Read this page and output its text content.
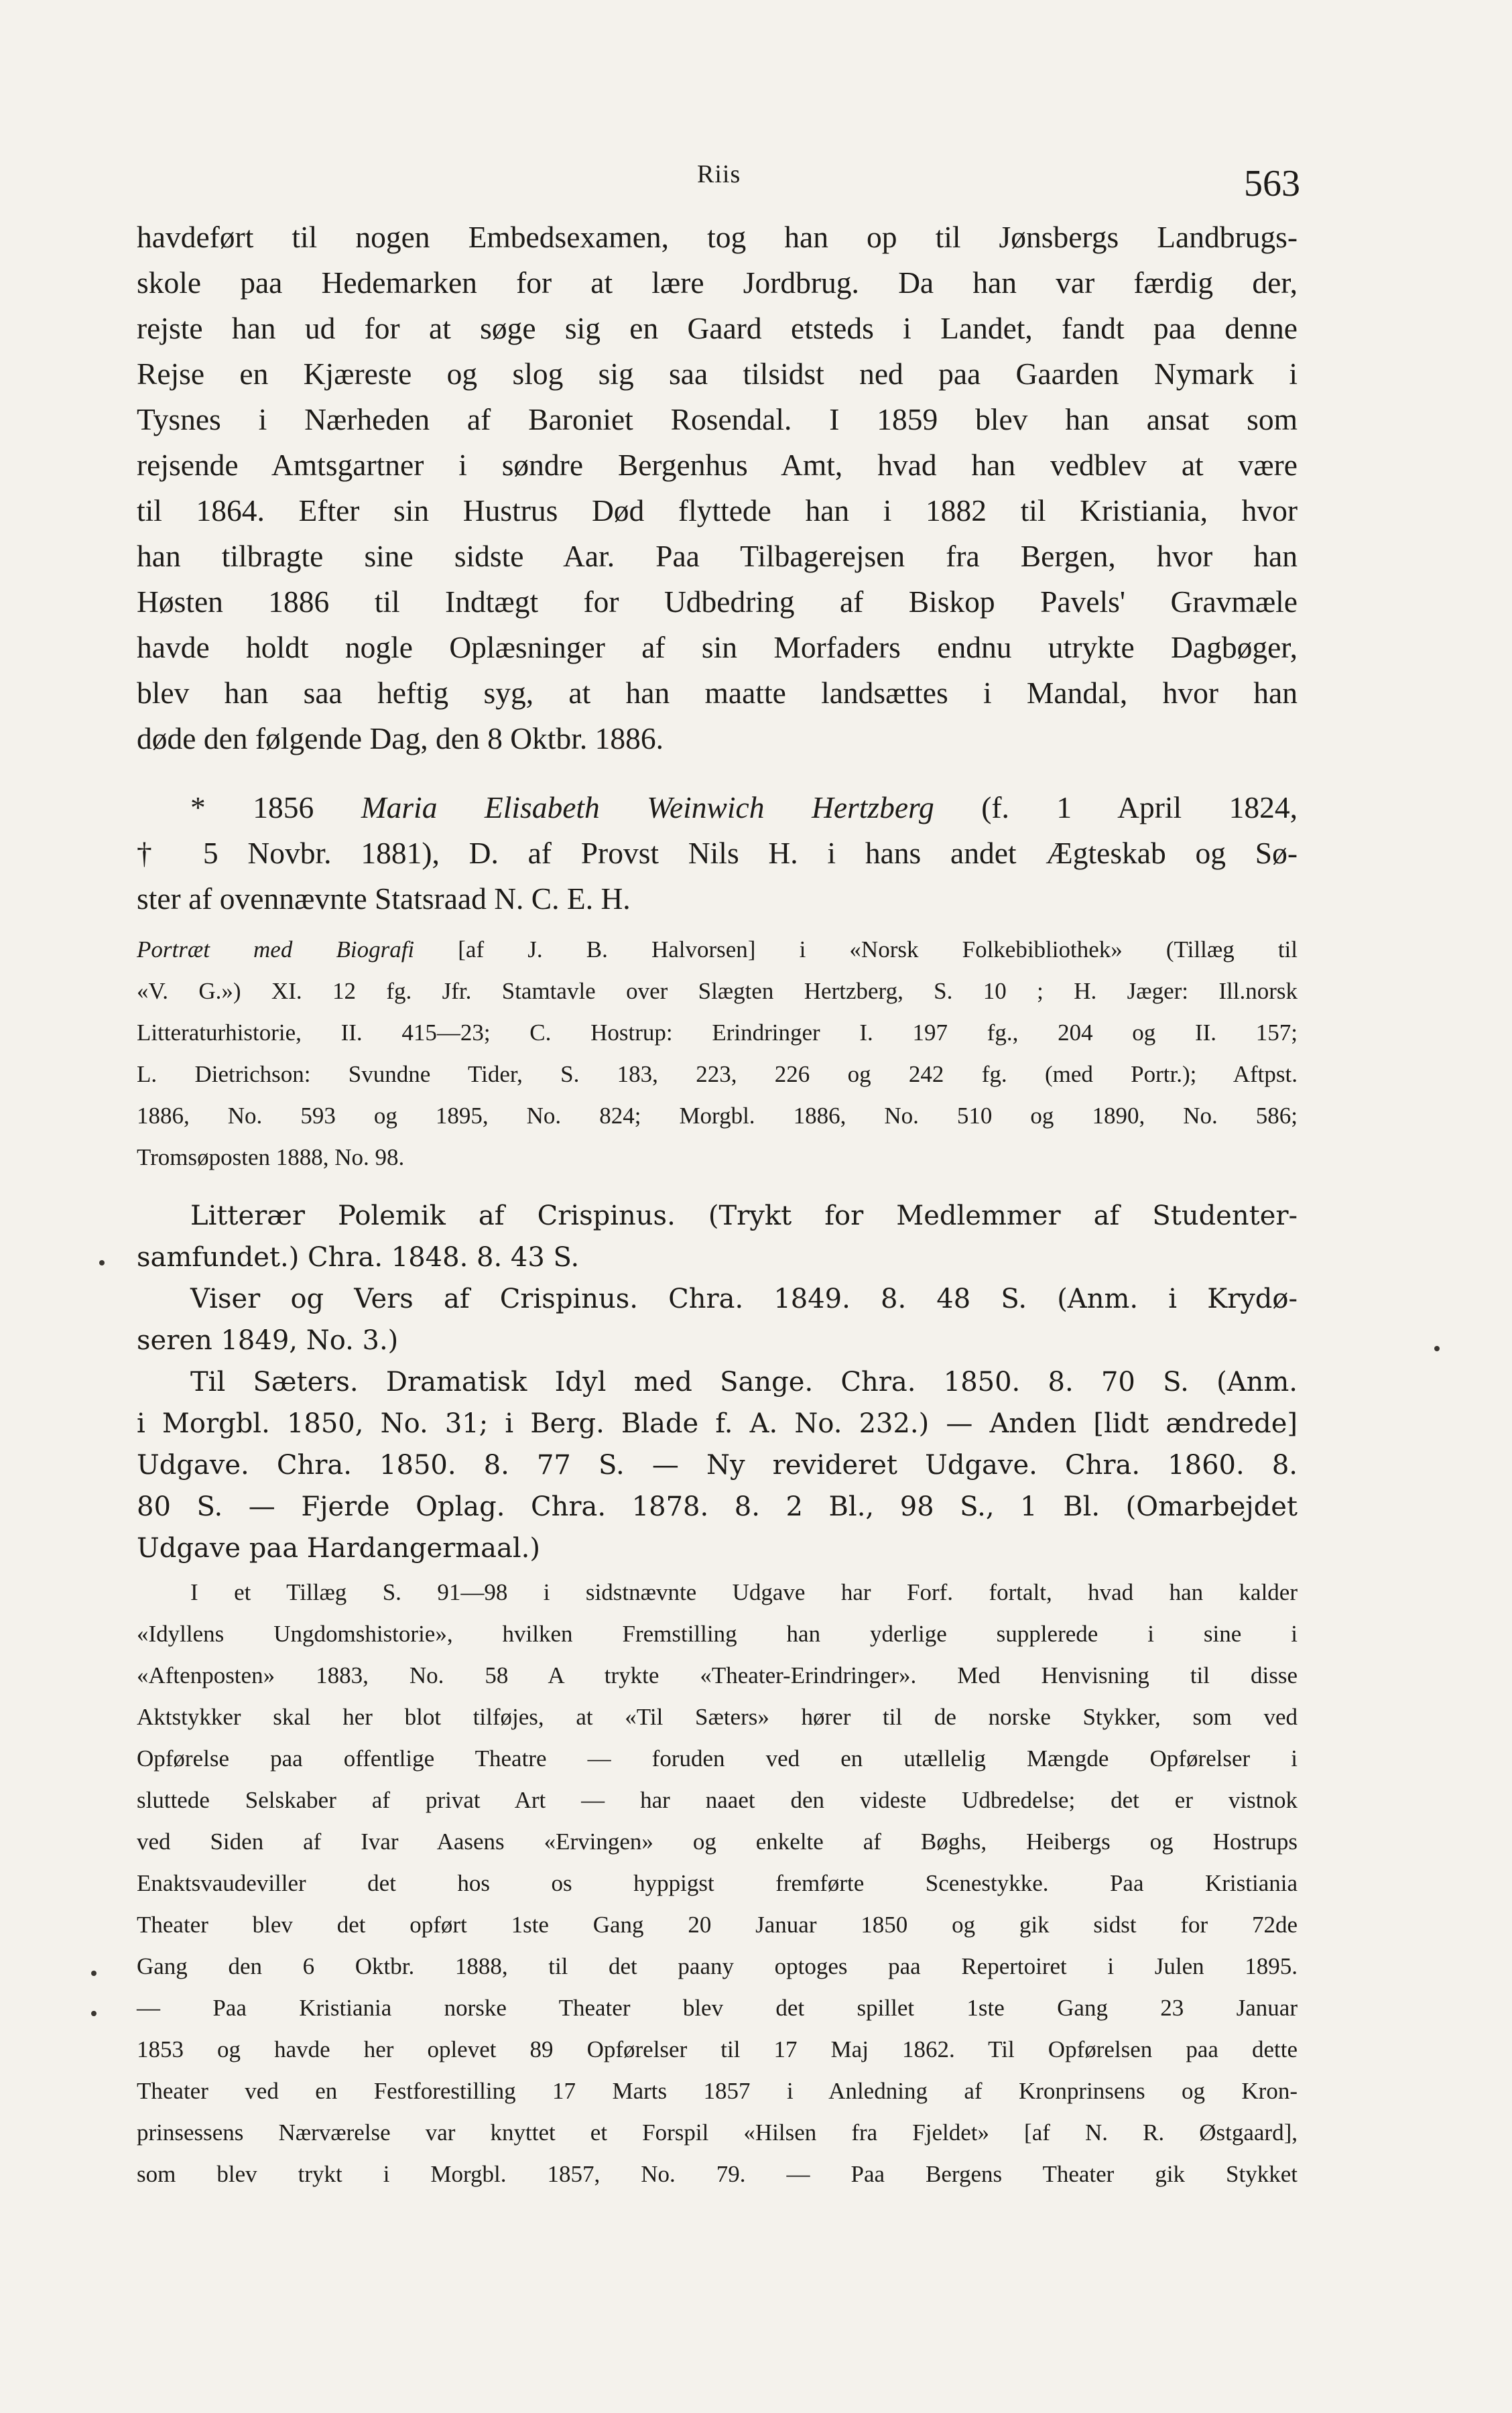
Riis	563
havdeført til nogen Embedsexamen, tog han op til Jønsbergs Landbrugs-
skole paa Hedemarken for at lære Jordbrug. Da han var færdig der,
rejste han ud for at søge sig en Gaard etsteds i Landet, fandt paa denne
Rejse en Kjæreste og slog sig saa tilsidst ned paa Gaarden Nymark i
Tysnes i Nærheden af Baroniet Rosendal. I 1859 blev han ansat som
rejsende Amtsgartner i søndre Bergenhus Amt, hvad han vedblev at være
til 1864. Efter sin Hustrus Død flyttede han i 1882 til Kristiania, hvor
han tilbragte sine sidste Aar. Paa Tilbagerejsen fra Bergen, hvor han
Høsten 1886 til Indtægt for Udbedring af Biskop Pavels' Gravmæle
havde holdt nogle Oplæsninger af sin Morfaders endnu utrykte Dagbøger,
blev han saa heftig syg, at han maatte landsættes i Mandal, hvor han
døde den følgende Dag, den 8 Oktbr. 1886.
* 1856 Maria Elisabeth Weinwich Hertzberg (f. 1 April 1824,
† 5 Novbr. 1881), D. af Provst Nils H. i hans andet Ægteskab og Sø-
ster af ovennævnte Statsraad N. C. E. H.
Portræt med Biografi [af J. B. Halvorsen] i «Norsk Folkebibliothek» (Tillæg til
«V. G.») XI. 12 fg. Jfr. Stamtavle over Slægten Hertzberg, S. 10 ; H. Jæger: Ill.norsk
Litteraturhistorie, II. 415—23; C. Hostrup: Erindringer I. 197 fg., 204 og II. 157;
L. Dietrichson: Svundne Tider, S. 183, 223, 226 og 242 fg. (med Portr.); Aftpst.
1886, No. 593 og 1895, No. 824; Morgbl. 1886, No. 510 og 1890, No. 586;
Tromsøposten 1888, No. 98.
Litterær Polemik af Crispinus. (Trykt for Medlemmer af Studenter-
samfundet.) Chra. 1848. 8. 43 S.
Viser og Vers af Crispinus. Chra. 1849. 8. 48 S. (Anm. i Krydø-
seren 1849, No. 3.)
Til Sæters. Dramatisk Idyl med Sange. Chra. 1850. 8. 70 S. (Anm.
i Morgbl. 1850, No. 31; i Berg. Blade f. A. No. 232.) — Anden [lidt ændrede]
Udgave. Chra. 1850. 8. 77 S. — Ny revideret Udgave. Chra. 1860. 8.
80 S. — Fjerde Oplag. Chra. 1878. 8. 2 Bl., 98 S., 1 Bl. (Omarbejdet
Udgave paa Hardangermaal.)
I et Tillæg S. 91—98 i sidstnævnte Udgave har Forf. fortalt, hvad han kalder
«Idyllens Ungdomshistorie», hvilken Fremstilling han yderlige supplerede i sine i
«Aftenposten» 1883, No. 58 A trykte «Theater-Erindringer». Med Henvisning til disse
Aktstykker skal her blot tilføjes, at «Til Sæters» hører til de norske Stykker, som ved
Opførelse paa offentlige Theatre — foruden ved en utællelig Mængde Opførelser i
sluttede Selskaber af privat Art — har naaet den videste Udbredelse; det er vistnok
ved Siden af Ivar Aasens «Ervingen» og enkelte af Bøghs, Heibergs og Hostrups
Enaktsvaudeviller det hos os hyppigst fremførte Scenestykke. Paa Kristiania
Theater blev det opført 1ste Gang 20 Januar 1850 og gik sidst for 72de
Gang den 6 Oktbr. 1888, til det paany optoges paa Repertoiret i Julen 1895.
— Paa Kristiania norske Theater blev det spillet 1ste Gang 23 Januar
1853 og havde her oplevet 89 Opførelser til 17 Maj 1862. Til Opførelsen paa dette
Theater ved en Festforestilling 17 Marts 1857 i Anledning af Kronprinsens og Kron-
prinsessens Nærværelse var knyttet et Forspil «Hilsen fra Fjeldet» [af N. R. Østgaard],
som blev trykt i Morgbl. 1857, No. 79. — Paa Bergens Theater gik Stykket
